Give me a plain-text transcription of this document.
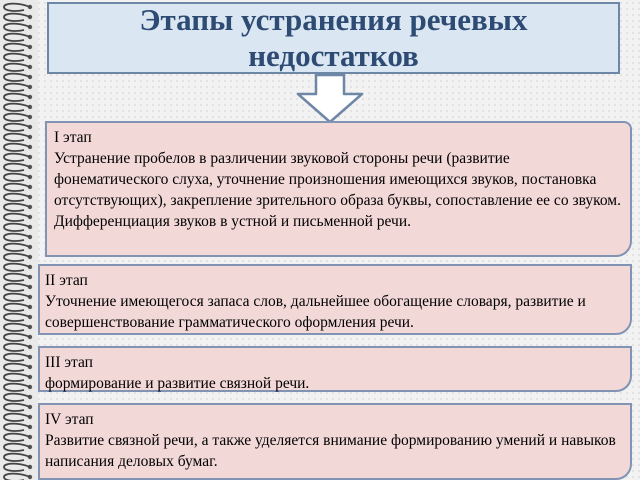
Этапы устранения речевых недостатков
I этап
Устранение пробелов в различении звуковой стороны речи (развитие фонематического слуха, уточнение произношения имеющихся звуков, постановка отсутствующих), закрепление зрительного образа буквы, сопоставление ее со звуком. Дифференциация звуков в устной и письменной речи.
II этап
Уточнение имеющегося запаса слов, дальнейшее обогащение словаря, развитие и совершенствование грамматического оформления речи.
III этап
формирование и развитие связной речи.
IV этап
Развитие связной речи, а также уделяется внимание формированию умений и навыков написания деловых бумаг.
